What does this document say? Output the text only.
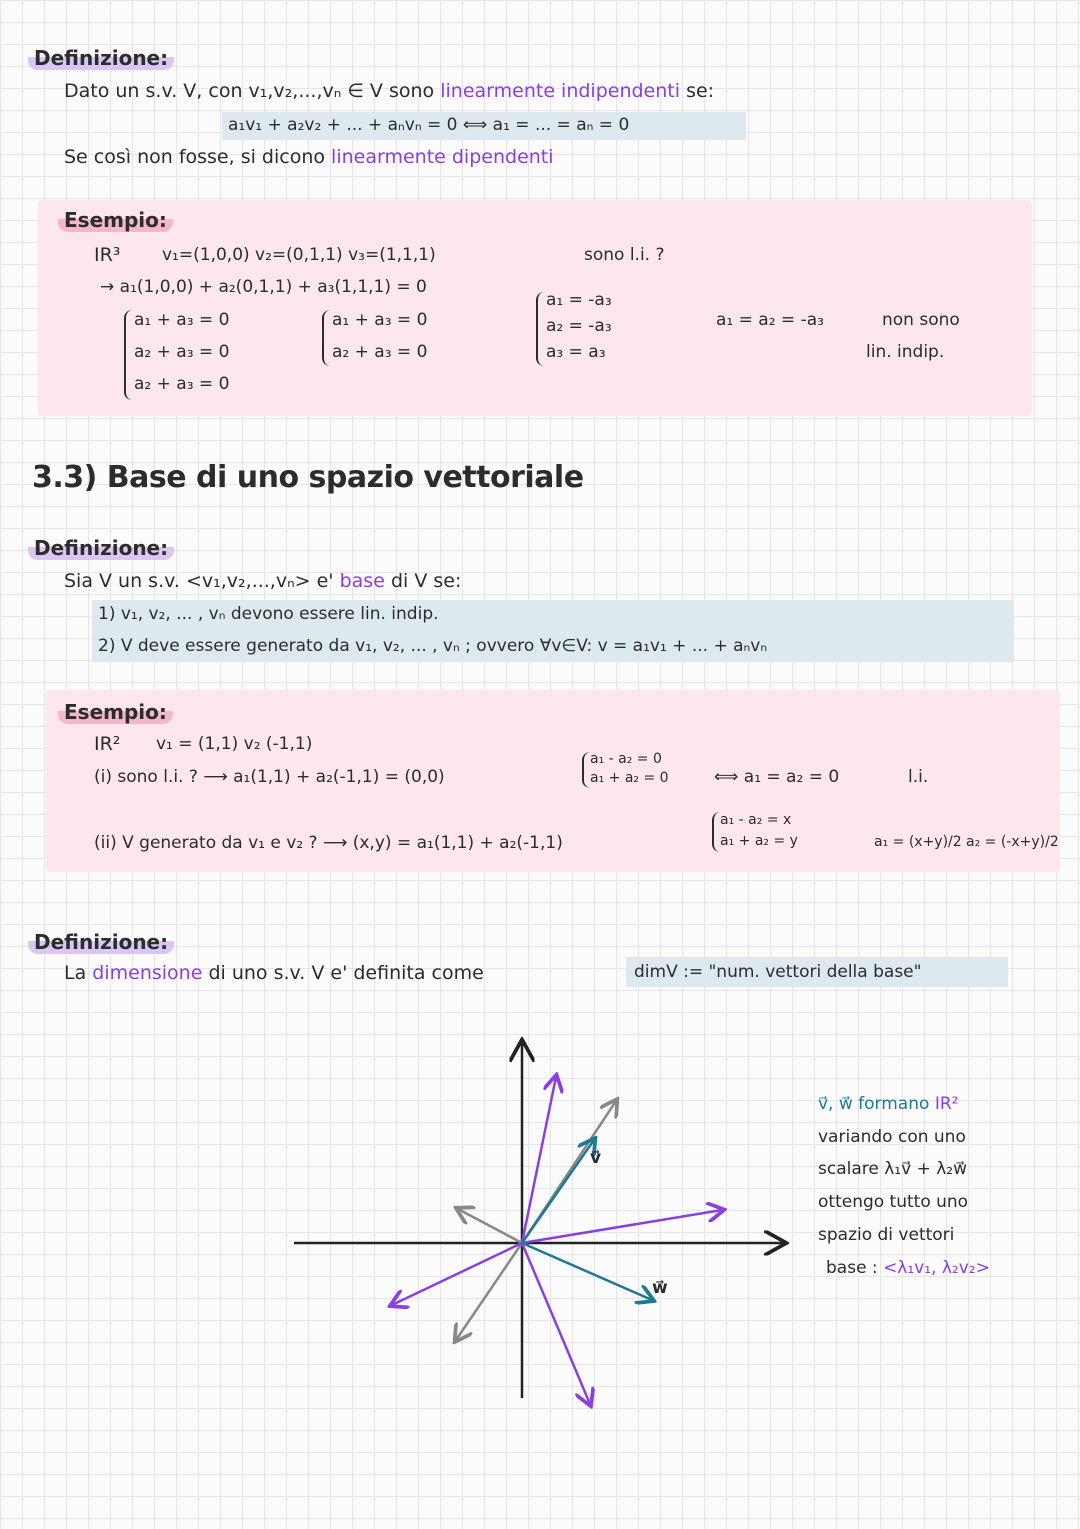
Definizione:
Dato un s.v. V, con v₁,v₂,...,vₙ ∈ V sono linearmente indipendenti se:
a₁v₁ + a₂v₂ + ... + aₙvₙ = 0 ⟺ a₁ = ... = aₙ = 0
Se così non fosse, si dicono linearmente dipendenti
Esempio:
IR³ v₁=(1,0,0) v₂=(0,1,1) v₃=(1,1,1)	sono l.i. ?
→ a₁(1,0,0) + a₂(0,1,1) + a₃(1,1,1) = 0
a₁ + a₃ = 0
a₂ + a₃ = 0
a₂ + a₃ = 0
a₁ + a₃ = 0
a₂ + a₃ = 0
a₁ = -a₃
a₂ = -a₃
a₃ = a₃
a₁ = a₂ = -a₃	non sono
lin. indip.
3.3) Base di uno spazio vettoriale
Definizione:
Sia V un s.v. <v₁,v₂,...,vₙ> e' base di V se:
1) v₁, v₂, ... , vₙ devono essere lin. indip.
2) V deve essere generato da v₁, v₂, ... , vₙ ; ovvero ∀v∈V: v = a₁v₁ + ... + aₙvₙ
Esempio:
IR² v₁ = (1,1) v₂ (-1,1)
(i) sono l.i. ? ⟶ a₁(1,1) + a₂(-1,1) = (0,0)
a₁ - a₂ = 0
a₁ + a₂ = 0	⟺ a₁ = a₂ = 0	l.i.
(ii) V generato da v₁ e v₂ ? ⟶ (x,y) = a₁(1,1) + a₂(-1,1)
a₁ - a₂ = x
a₁ + a₂ = y	a₁ = (x+y)/2 a₂ = (-x+y)/2
Definizione:
La dimensione di uno s.v. V e' definita come	dimV := "num. vettori della base"
v⃗
w⃗
v⃗, w⃗ formano IR²
variando con uno
scalare λ₁v⃗ + λ₂w⃗
ottengo tutto uno
spazio di vettori
base : <λ₁v₁, λ₂v₂>
